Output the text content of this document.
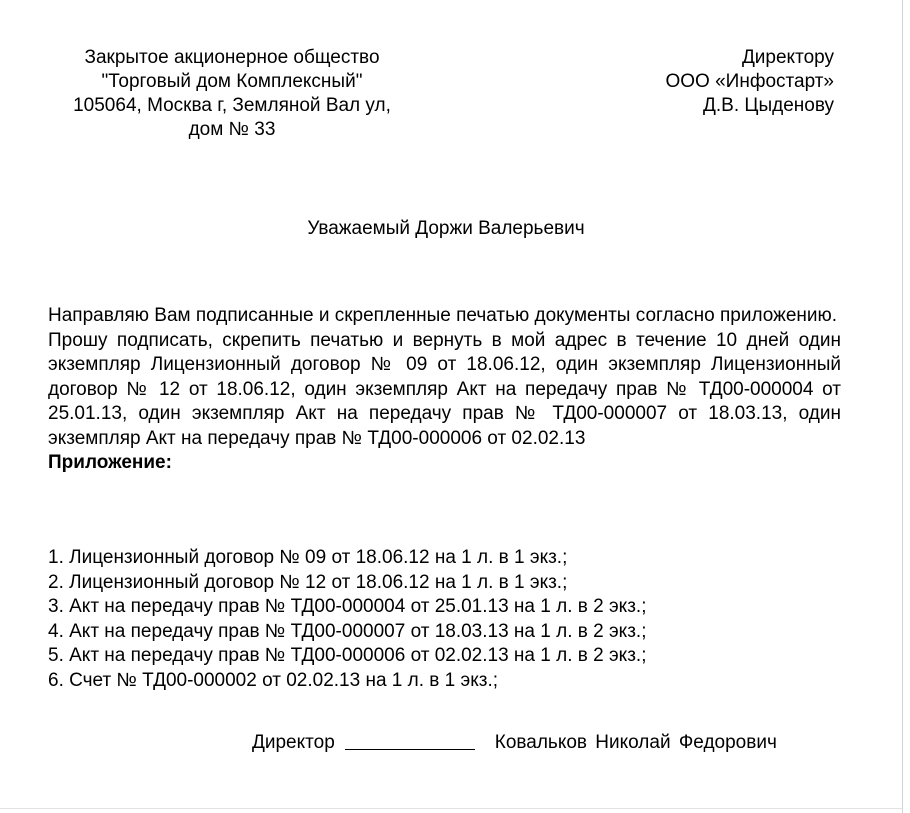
Закрытое акционерное общество
"Торговый дом Комплексный"
105064, Москва г, Земляной Вал ул,
дом № 33
Директору
ООО «Инфостарт»
Д.В. Цыденову
Уважаемый Доржи Валерьевич

Направляю Вам подписанные и скрепленные печатью документы согласно приложению.

Прошу подписать, скрепить печатью и вернуть в мой адрес в течение 10 дней один экземпляр Лицензионный договор № 09 от 18.06.12, один экземпляр Лицензионный договор № 12 от 18.06.12, один экземпляр Акт на передачу прав № ТД00-000004 от 25.01.13, один экземпляр Акт на передачу прав № ТД00-000007 от 18.03.13, один экземпляр Акт на передачу прав № ТД00-000006 от 02.02.13

Приложение:

1. Лицензионный договор № 09 от 18.06.12 на 1 л. в 1 экз.;
2. Лицензионный договор № 12 от 18.06.12 на 1 л. в 1 экз.;
3. Акт на передачу прав № ТД00-000004 от 25.01.13 на 1 л. в 2 экз.;
4. Акт на передачу прав № ТД00-000007 от 18.03.13 на 1 л. в 2 экз.;
5. Акт на передачу прав № ТД00-000006 от 02.02.13 на 1 л. в 2 экз.;
6. Счет № ТД00-000002 от 02.02.13 на 1 л. в 1 экз.;
Директор	Ковальков Николай Федорович
